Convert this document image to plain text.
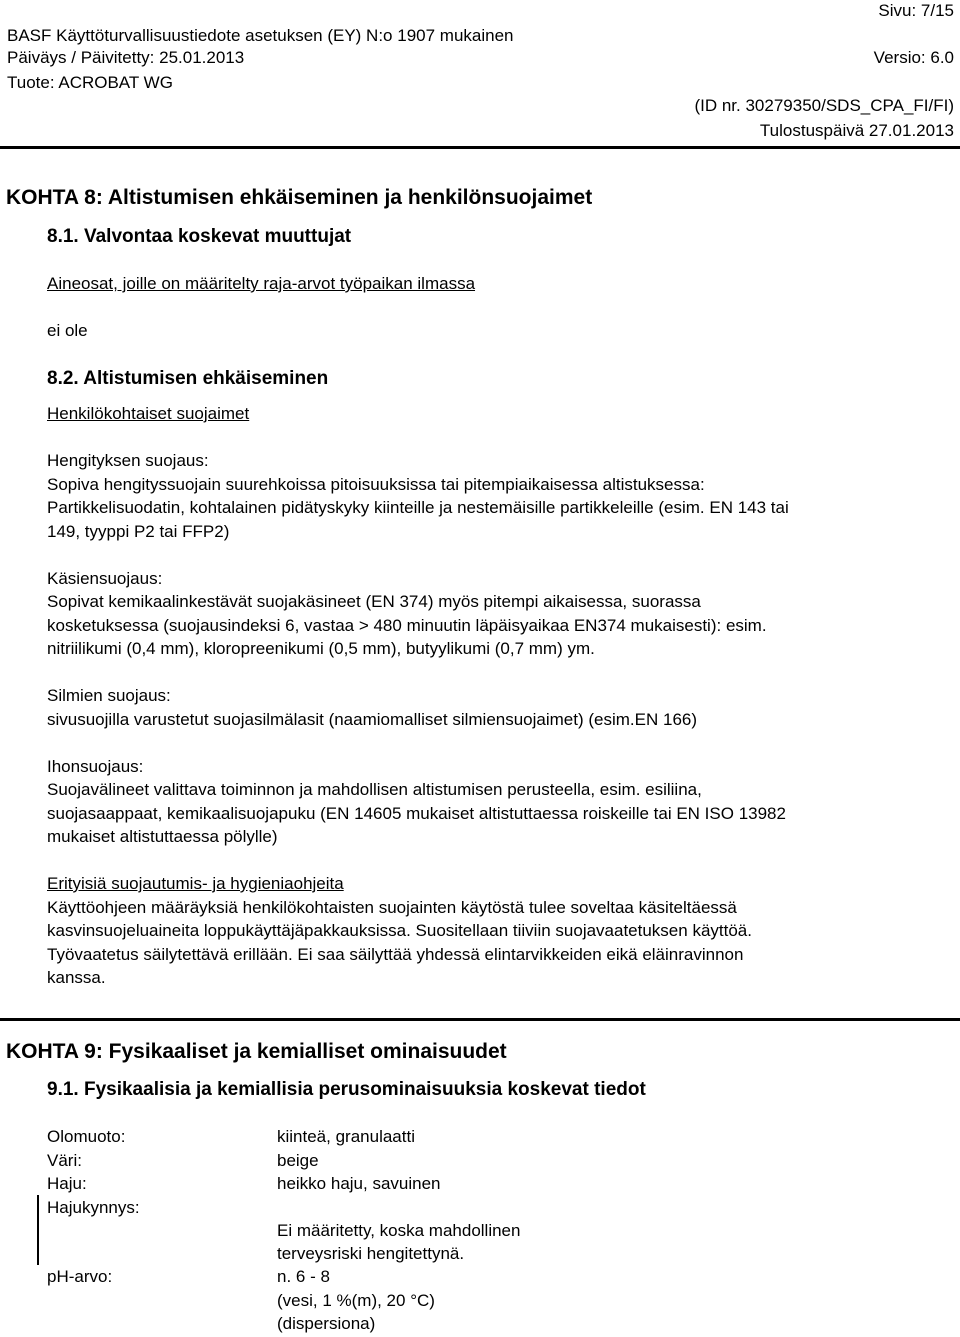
Sivu: 7/15
BASF Käyttöturvallisuustiedote asetuksen (EY) N:o 1907 mukainen
Päiväys / Päivitetty: 25.01.2013	Versio: 6.0
Tuote: ACROBAT WG
(ID nr. 30279350/SDS_CPA_FI/FI)
Tulostuspäivä 27.01.2013
KOHTA 8: Altistumisen ehkäiseminen ja henkilönsuojaimet
8.1. Valvontaa koskevat muuttujat
Aineosat, joille on määritelty raja-arvot työpaikan ilmassa
ei ole
8.2. Altistumisen ehkäiseminen
Henkilökohtaiset suojaimet
Hengityksen suojaus:
Sopiva hengityssuojain suurehkoissa pitoisuuksissa tai pitempiaikaisessa altistuksessa:
Partikkelisuodatin, kohtalainen pidätyskyky kiinteille ja nestemäisille partikkeleille (esim. EN 143 tai
149, tyyppi P2 tai FFP2)
Käsiensuojaus:
Sopivat kemikaalinkestävät suojakäsineet (EN 374) myös pitempi aikaisessa, suorassa
kosketuksessa (suojausindeksi 6, vastaa > 480 minuutin läpäisyaikaa EN374 mukaisesti): esim.
nitriilikumi (0,4 mm), kloropreenikumi (0,5 mm), butyylikumi (0,7 mm) ym.
Silmien suojaus:
sivusuojilla varustetut suojasilmälasit (naamiomalliset silmiensuojaimet) (esim.EN 166)
Ihonsuojaus:
Suojavälineet valittava toiminnon ja mahdollisen altistumisen perusteella, esim. esiliina,
suojasaappaat, kemikaalisuojapuku (EN 14605 mukaiset altistuttaessa roiskeille tai EN ISO 13982
mukaiset altistuttaessa pölylle)
Erityisiä suojautumis- ja hygieniaohjeita
Käyttöohjeen määräyksiä henkilökohtaisten suojainten käytöstä tulee soveltaa käsiteltäessä
kasvinsuojeluaineita loppukäyttäjäpakkauksissa. Suositellaan tiiviin suojavaatetuksen käyttöä.
Työvaatetus säilytettävä erillään. Ei saa säilyttää yhdessä elintarvikkeiden eikä eläinravinnon
kanssa.
KOHTA 9: Fysikaaliset ja kemialliset ominaisuudet
9.1. Fysikaalisia ja kemiallisia perusominaisuuksia koskevat tiedot
Olomuoto:	kiinteä, granulaatti
Väri:	beige
Haju:	heikko haju, savuinen
Hajukynnys:
Ei määritetty, koska mahdollinen
terveysriski hengitettynä.
pH-arvo:	n. 6 - 8
(vesi, 1 %(m), 20 °C)
(dispersiona)
